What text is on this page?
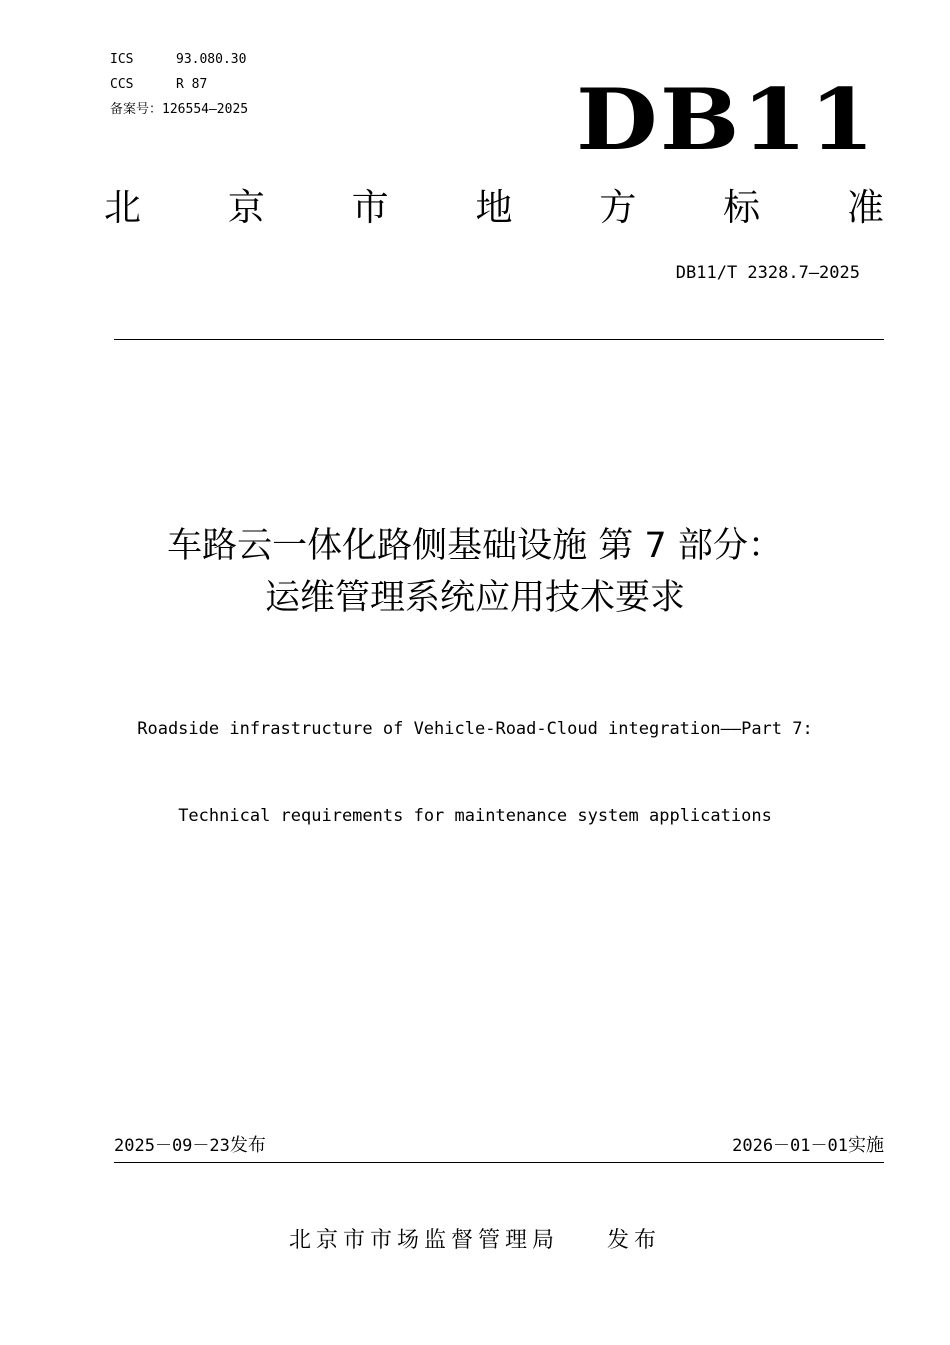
ICS	93.080.30
CCS	R 87
备案号： 126554—2025	DB11
北 京 市 地 方 标 准
DB11/T 2328.7—2025
车路云一体化路侧基础设施 第 7 部分：
运维管理系统应用技术要求

Roadside infrastructure of Vehicle-Road-Cloud integration——Part 7:

Technical requirements for maintenance system applications

2025－09－23发布	2026－01－01实施
北京市市场监督管理局 发布
